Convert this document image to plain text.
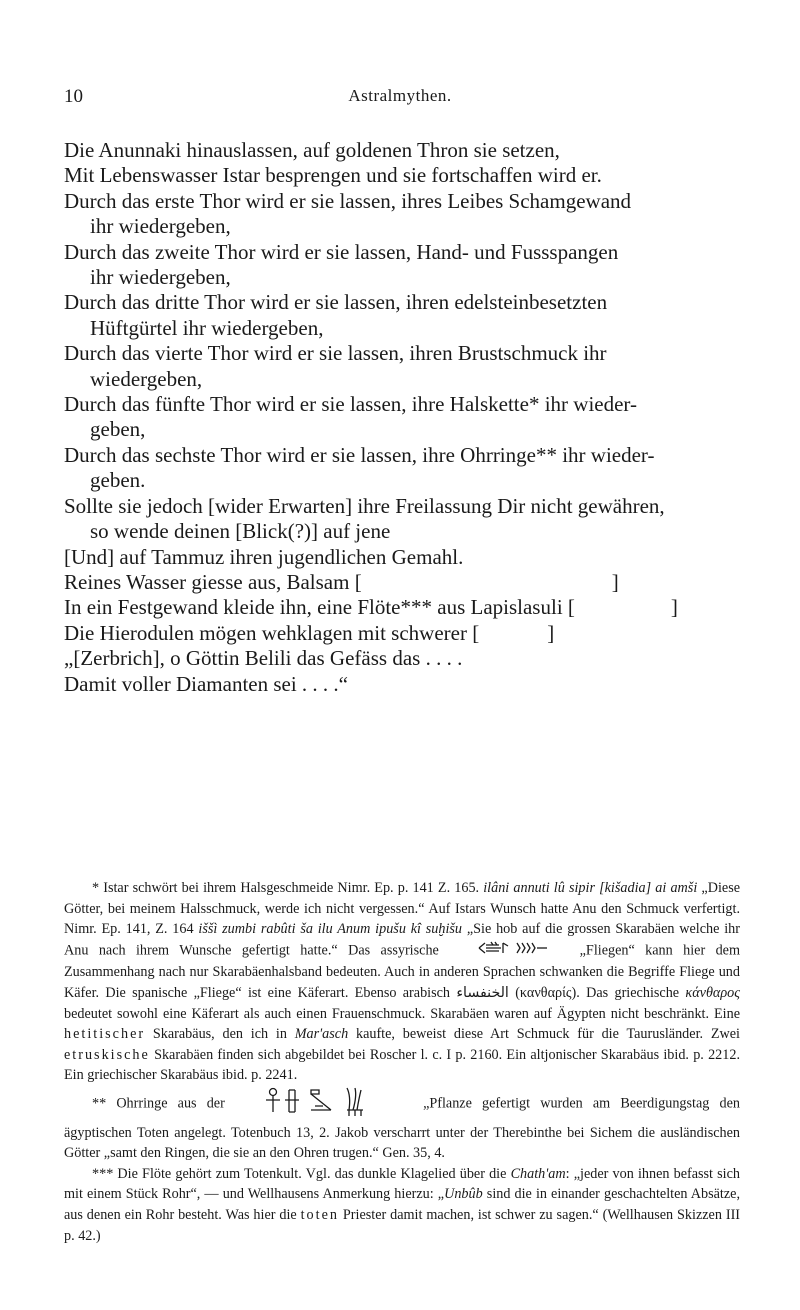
10	Astralmythen.
Die Anunnaki hinauslassen, auf goldenen Thron sie setzen,
Mit Lebenswasser Istar besprengen und sie fortschaffen wird er.
Durch das erste Thor wird er sie lassen, ihres Leibes Schamgewand
ihr wiedergeben,
Durch das zweite Thor wird er sie lassen, Hand- und Fussspangen
ihr wiedergeben,
Durch das dritte Thor wird er sie lassen, ihren edelsteinbesetzten
Hüftgürtel ihr wiedergeben,
Durch das vierte Thor wird er sie lassen, ihren Brustschmuck ihr
wiedergeben,
Durch das fünfte Thor wird er sie lassen, ihre Halskette* ihr wieder-
geben,
Durch das sechste Thor wird er sie lassen, ihre Ohrringe** ihr wieder-
geben.
Sollte sie jedoch [wider Erwarten] ihre Freilassung Dir nicht gewähren,
so wende deinen [Blick(?)] auf jene
[Und] auf Tammuz ihren jugendlichen Gemahl.
Reines Wasser giesse aus, Balsam [	]
In ein Festgewand kleide ihn, eine Flöte*** aus Lapislasuli [	]
Die Hierodulen mögen wehklagen mit schwerer [	]
„[Zerbrich], o Göttin Belili das Gefäss das . . . .
Damit voller Diamanten sei . . . .“

* Istar schwört bei ihrem Halsgeschmeide Nimr. Ep. p. 141 Z. 165. ilâni annuti lû sipir [kišadia] ai amši „Diese Götter, bei meinem Halsschmuck, werde ich nicht vergessen.“ Auf Istars Wunsch hatte Anu den Schmuck verfertigt. Nimr. Ep. 141, Z. 164 iššì zumbi rabûti ša ilu Anum ipušu kî suḫišu „Sie hob auf die grossen Skarabäen welche ihr Anu nach ihrem Wunsche gefertigt hatte.“ Das assyrische	„Fliegen“ kann hier dem Zusammenhang nach nur Skarabäenhalsband bedeuten. Auch in anderen Sprachen schwanken die Begriffe Fliege und Käfer. Die spanische „Fliege“ ist eine Käferart. Ebenso arabisch الخنفساء (κανθαρίς). Das griechische κάνθαρος bedeutet sowohl eine Käferart als auch einen Frauenschmuck. Skarabäen waren auf Ägypten nicht beschränkt. Eine hetitischer Skarabäus, den ich in Mar'asch kaufte, beweist diese Art Schmuck für die Taurusländer. Zwei etruskische Skarabäen finden sich abgebildet bei Roscher l. c. I p. 2160. Ein altjonischer Skarabäus ibid. p. 2212. Ein griechischer Skarabäus ibid. p. 2241.

** Ohrringe aus der	„Pflanze gefertigt wurden am Beerdigungstag den ägyptischen Toten angelegt. Totenbuch 13, 2. Jakob verscharrt unter der Therebinthe bei Sichem die ausländischen Götter „samt den Ringen, die sie an den Ohren trugen.“ Gen. 35, 4.

*** Die Flöte gehört zum Totenkult. Vgl. das dunkle Klagelied über die Chath'am: „jeder von ihnen befasst sich mit einem Stück Rohr“, — und Wellhausens Anmerkung hierzu: „Unbûb sind die in einander geschachtelten Absätze, aus denen ein Rohr besteht. Was hier die toten Priester damit machen, ist schwer zu sagen.“ (Wellhausen Skizzen III p. 42.)
